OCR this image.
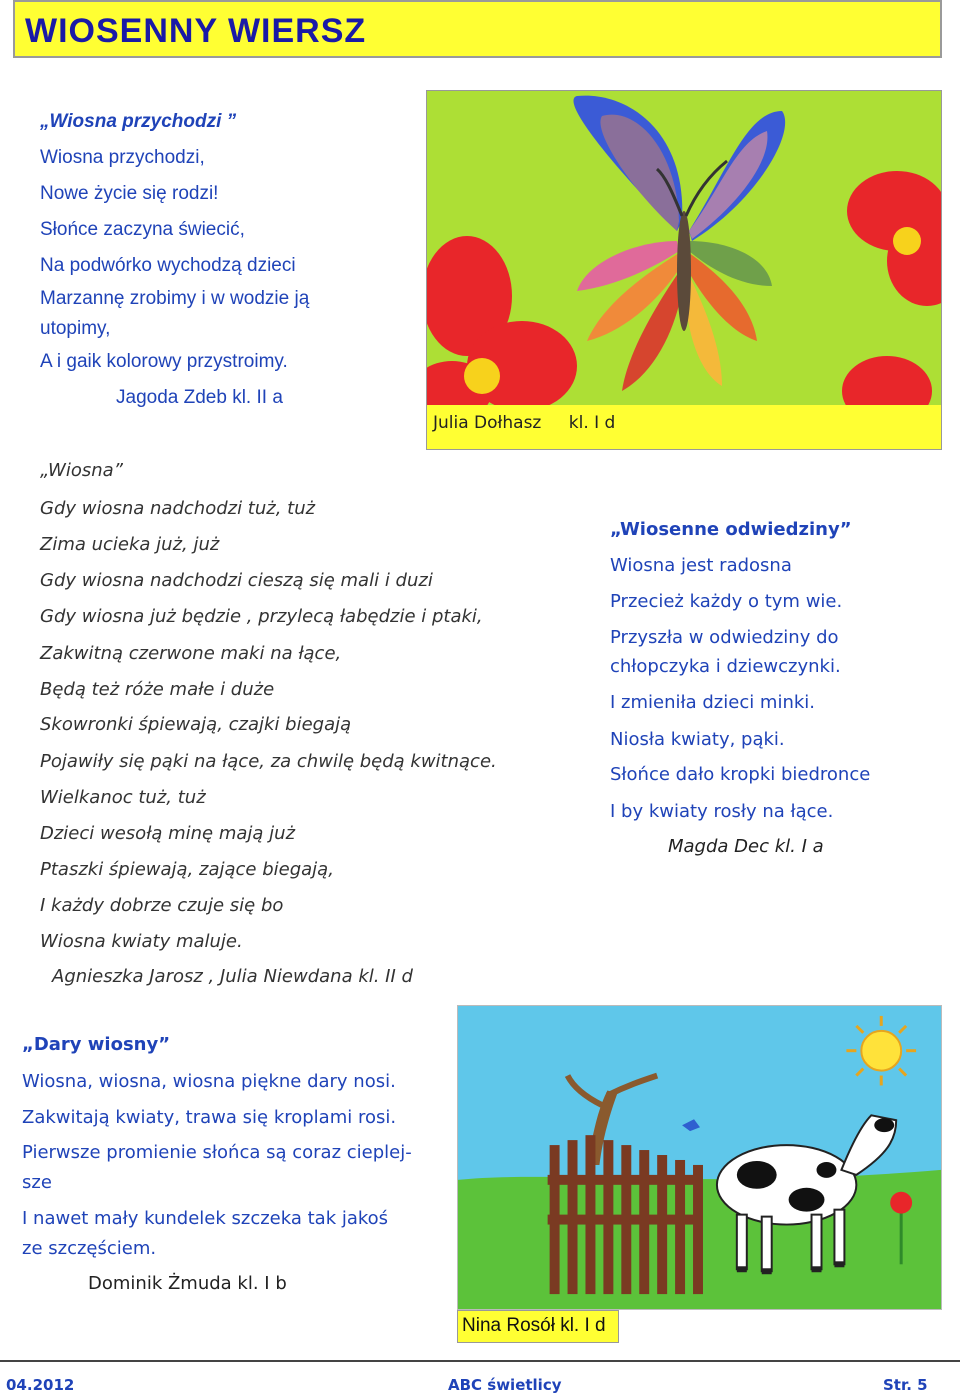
WIOSENNY WIERSZ
„Wiosna przychodzi ”
Wiosna przychodzi,
Nowe życie się rodzi!
Słońce zaczyna świecić,
Na podwórko wychodzą dzieci
Marzannę zrobimy i w wodzie ją
utopimy,
A i gaik kolorowy przystroimy.
Jagoda Zdeb kl. II a
Julia Dołhasz kl. I d
„Wiosna”
Gdy wiosna nadchodzi tuż, tuż
Zima ucieka już, już
Gdy wiosna nadchodzi cieszą się mali i duzi
Gdy wiosna już będzie , przylecą łabędzie i ptaki,
Zakwitną czerwone maki na łące,
Będą też róże małe i duże
Skowronki śpiewają, czajki biegają
Pojawiły się pąki na łące, za chwilę będą kwitnące.
Wielkanoc tuż, tuż
Dzieci wesołą minę mają już
Ptaszki śpiewają, zające biegają,
I każdy dobrze czuje się bo
Wiosna kwiaty maluje.
Agnieszka Jarosz , Julia Niewdana kl. II d
„Wiosenne odwiedziny”
Wiosna jest radosna
Przecież każdy o tym wie.
Przyszła w odwiedziny do
chłopczyka i dziewczynki.
I zmieniła dzieci minki.
Niosła kwiaty, pąki.
Słońce dało kropki biedronce
I by kwiaty rosły na łące.
Magda Dec kl. I a
„Dary wiosny”
Wiosna, wiosna, wiosna piękne dary nosi.
Zakwitają kwiaty, trawa się kroplami rosi.
Pierwsze promienie słońca są coraz cieplej-
sze
I nawet mały kundelek szczeka tak jakoś
ze szczęściem.
Dominik Żmuda kl. I b
Nina Rosół kl. I d
04.2012	ABC świetlicy	Str. 5
